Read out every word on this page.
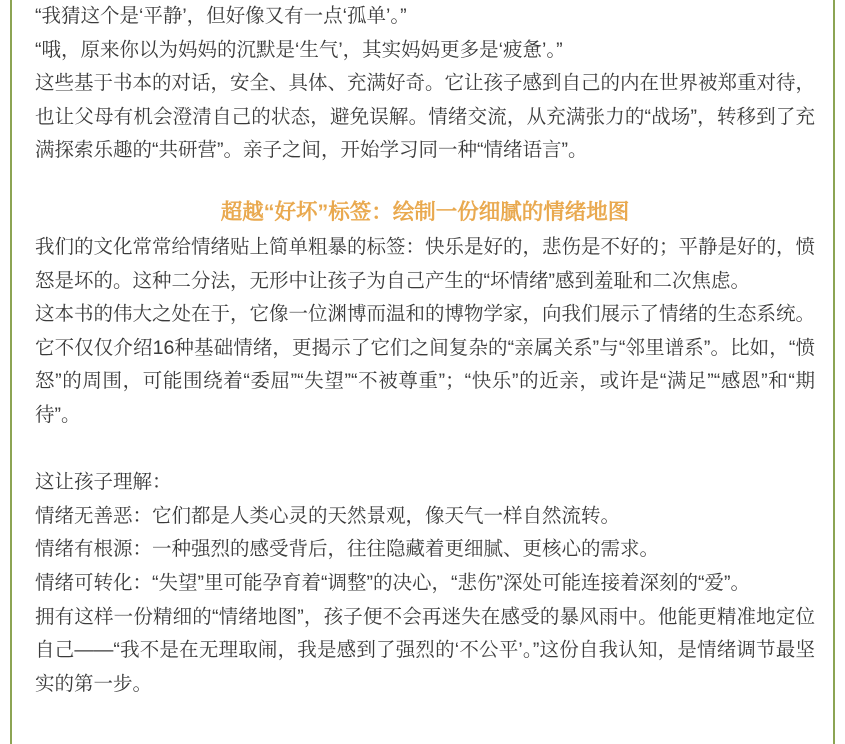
“我猜这个是‘平静’，但好像又有一点‘孤单’。”

“哦，原来你以为妈妈的沉默是‘生气’，其实妈妈更多是‘疲惫’。”

这些基于书本的对话，安全、具体、充满好奇。它让孩子感到自己的内在世界被郑重对待，也让父母有机会澄清自己的状态，避免误解。情绪交流，从充满张力的“战场”，转移到了充满探索乐趣的“共研营”。亲子之间，开始学习同一种“情绪语言”。

超越“好坏”标签：绘制一份细腻的情绪地图

我们的文化常常给情绪贴上简单粗暴的标签：快乐是好的，悲伤是不好的；平静是好的，愤怒是坏的。这种二分法，无形中让孩子为自己产生的“坏情绪”感到羞耻和二次焦虑。

这本书的伟大之处在于，它像一位渊博而温和的博物学家，向我们展示了情绪的生态系统。它不仅仅介绍16种基础情绪，更揭示了它们之间复杂的“亲属关系”与“邻里谱系”。比如，“愤怒”的周围，可能围绕着“委屈”“失望”“不被尊重”；“快乐”的近亲，或许是“满足”“感恩”和“期待”。

这让孩子理解：

情绪无善恶：它们都是人类心灵的天然景观，像天气一样自然流转。

情绪有根源：一种强烈的感受背后，往往隐藏着更细腻、更核心的需求。

情绪可转化：“失望”里可能孕育着“调整”的决心，“悲伤”深处可能连接着深刻的“爱”。

拥有这样一份精细的“情绪地图”，孩子便不会再迷失在感受的暴风雨中。他能更精准地定位自己——“我不是在无理取闹，我是感到了强烈的‘不公平’。”这份自我认知，是情绪调节最坚实的第一步。
